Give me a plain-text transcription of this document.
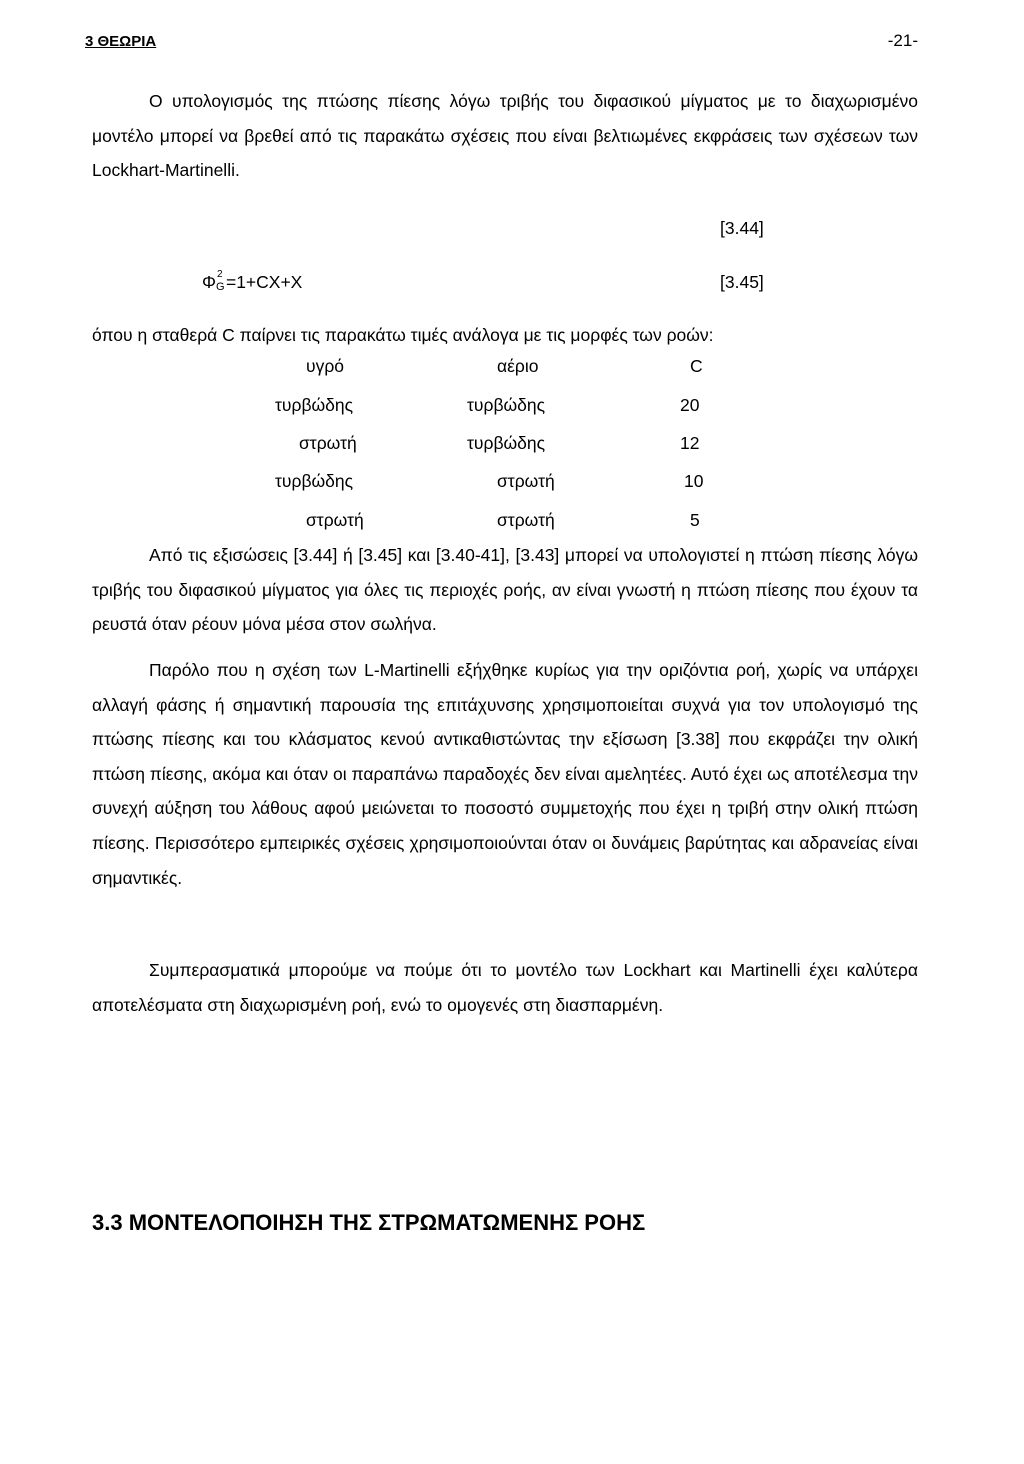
3 ΘΕΩΡΙΑ	-21-
Ο υπολογισμός της πτώσης πίεσης λόγω τριβής του διφασικού μίγματος με το διαχωρισμένο μοντέλο μπορεί να βρεθεί από τις παρακάτω σχέσεις που είναι βελτιωμένες εκφράσεις των σχέσεων των Lockhart-Martinelli.
[3.44]
Φ 2
G =1+CX+X	[3.45]
όπου η σταθερά C παίρνει τις παρακάτω τιμές ανάλογα με τις μορφές των ροών:
υγρό	αέριο	C
τυρβώδης	τυρβώδης	20
στρωτή	τυρβώδης	12
τυρβώδης	στρωτή	10
στρωτή	στρωτή	5
Από τις εξισώσεις [3.44] ή [3.45] και [3.40-41], [3.43] μπορεί να υπολογιστεί η πτώση πίεσης λόγω τριβής του διφασικού μίγματος για όλες τις περιοχές ροής, αν είναι γνωστή η πτώση πίεσης που έχουν τα ρευστά όταν ρέουν μόνα μέσα στον σωλήνα.
Παρόλο που η σχέση των L-Martinelli εξήχθηκε κυρίως για την οριζόντια ροή, χωρίς να υπάρχει αλλαγή φάσης ή σημαντική παρουσία της επιτάχυνσης χρησιμοποιείται συχνά για τον υπολογισμό της πτώσης πίεσης και του κλάσματος κενού αντικαθιστώντας την εξίσωση [3.38] που εκφράζει την ολική πτώση πίεσης, ακόμα και όταν οι παραπάνω παραδοχές δεν είναι αμελητέες. Αυτό έχει ως αποτέλεσμα την συνεχή αύξηση του λάθους αφού μειώνεται το ποσοστό συμμετοχής που έχει η τριβή στην ολική πτώση πίεσης. Περισσότερο εμπειρικές σχέσεις χρησιμοποιούνται όταν οι δυνάμεις βαρύτητας και αδρανείας είναι σημαντικές.
Συμπερασματικά μπορούμε να πούμε ότι το μοντέλο των Lockhart και Martinelli έχει καλύτερα αποτελέσματα στη διαχωρισμένη ροή, ενώ το ομογενές στη διασπαρμένη.
3.3 ΜΟΝΤΕΛΟΠΟΙΗΣΗ ΤΗΣ ΣΤΡΩΜΑΤΩΜΕΝΗΣ ΡΟΗΣ
